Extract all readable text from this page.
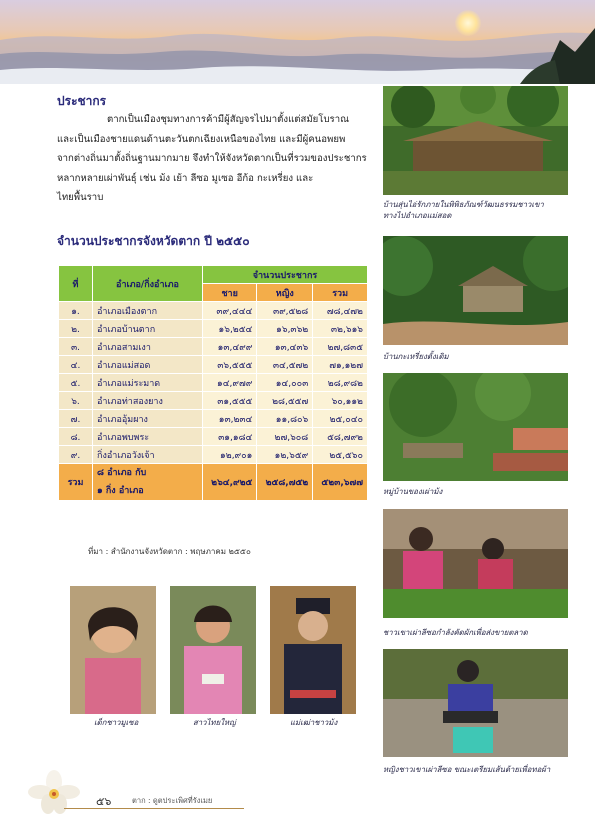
ประชากร
ตากเป็นเมืองชุมทางการค้ามีผู้สัญจรไปมาตั้งแต่สมัยโบราณ
และเป็นเมืองชายแดนด้านตะวันตกเฉียงเหนือของไทย และมีผู้คนอพยพ
จากต่างถิ่นมาตั้งถิ่นฐานมากมาย จึงทำให้จังหวัดตากเป็นที่รวมของประชากร
หลากหลายเผ่าพันธุ์ เช่น ม้ง เย้า ลีซอ มูเซอ อีก้อ กะเหรี่ยง และ
ไทยพื้นราบ
จำนวนประชากรจังหวัดตาก ปี ๒๕๕๐
ที่	อำเภอ/กิ่งอำเภอ	จำนวนประชากร		
		ชาย	หญิง	รวม
๑.	อำเภอเมืองตาก	๓๙,๔๔๔	๓๙,๕๒๘	๗๘,๔๗๒
๒.	อำเภอบ้านตาก	๑๖,๒๕๔	๑๖,๓๖๒	๓๒,๖๑๖
๓.	อำเภอสามเงา	๑๓,๔๙๙	๑๓,๔๓๖	๒๗,๘๓๕
๔.	อำเภอแม่สอด	๓๖,๕๕๕	๓๔,๕๗๒	๗๑,๑๒๗
๕.	อำเภอแม่ระมาด	๑๔,๙๗๙	๑๔,๐๐๓	๒๘,๙๘๒
๖.	อำเภอท่าสองยาง	๓๑,๕๕๕	๒๘,๕๕๗	๖๐,๑๑๒
๗.	อำเภออุ้มผาง	๑๓,๒๓๔	๑๑,๘๐๖	๒๕,๐๔๐
๘.	อำเภอพบพระ	๓๑,๑๘๔	๒๗,๖๐๘	๕๘,๗๙๒
๙.	กิ่งอำเภอวังเจ้า	๑๒,๙๐๑	๑๒,๖๕๙	๒๕,๕๖๐
รวม	๘ อำเภอ กับ
๑ กิ่ง อำเภอ	๒๖๔,๙๒๕	๒๕๘,๗๕๒	๕๒๓,๖๗๗
ที่มา : สำนักงานจังหวัดตาก : พฤษภาคม ๒๕๕๐
บ้านสุ่นไอ่รักภายในพิพิธภัณฑ์วัฒนธรรมชาวเขา
ทางไปอำเภอแม่สอด
บ้านกะเหรี่ยงดั้งเดิม
หมู่บ้านของเผ่าม้ง
ชาวเขาเผ่าลีซอกำลังคัดผักเพื่อส่งขายตลาด
หญิงชาวเขาเผ่าลีซอ ขณะเตรียมเส้นด้ายเพื่อทอผ้า
เด็กชาวมูเซอ	สาวไทยใหญ่	แม่เฒ่าชาวม้ง
๕๖	ตาก : ดูตประเพิศที่รังเมย
